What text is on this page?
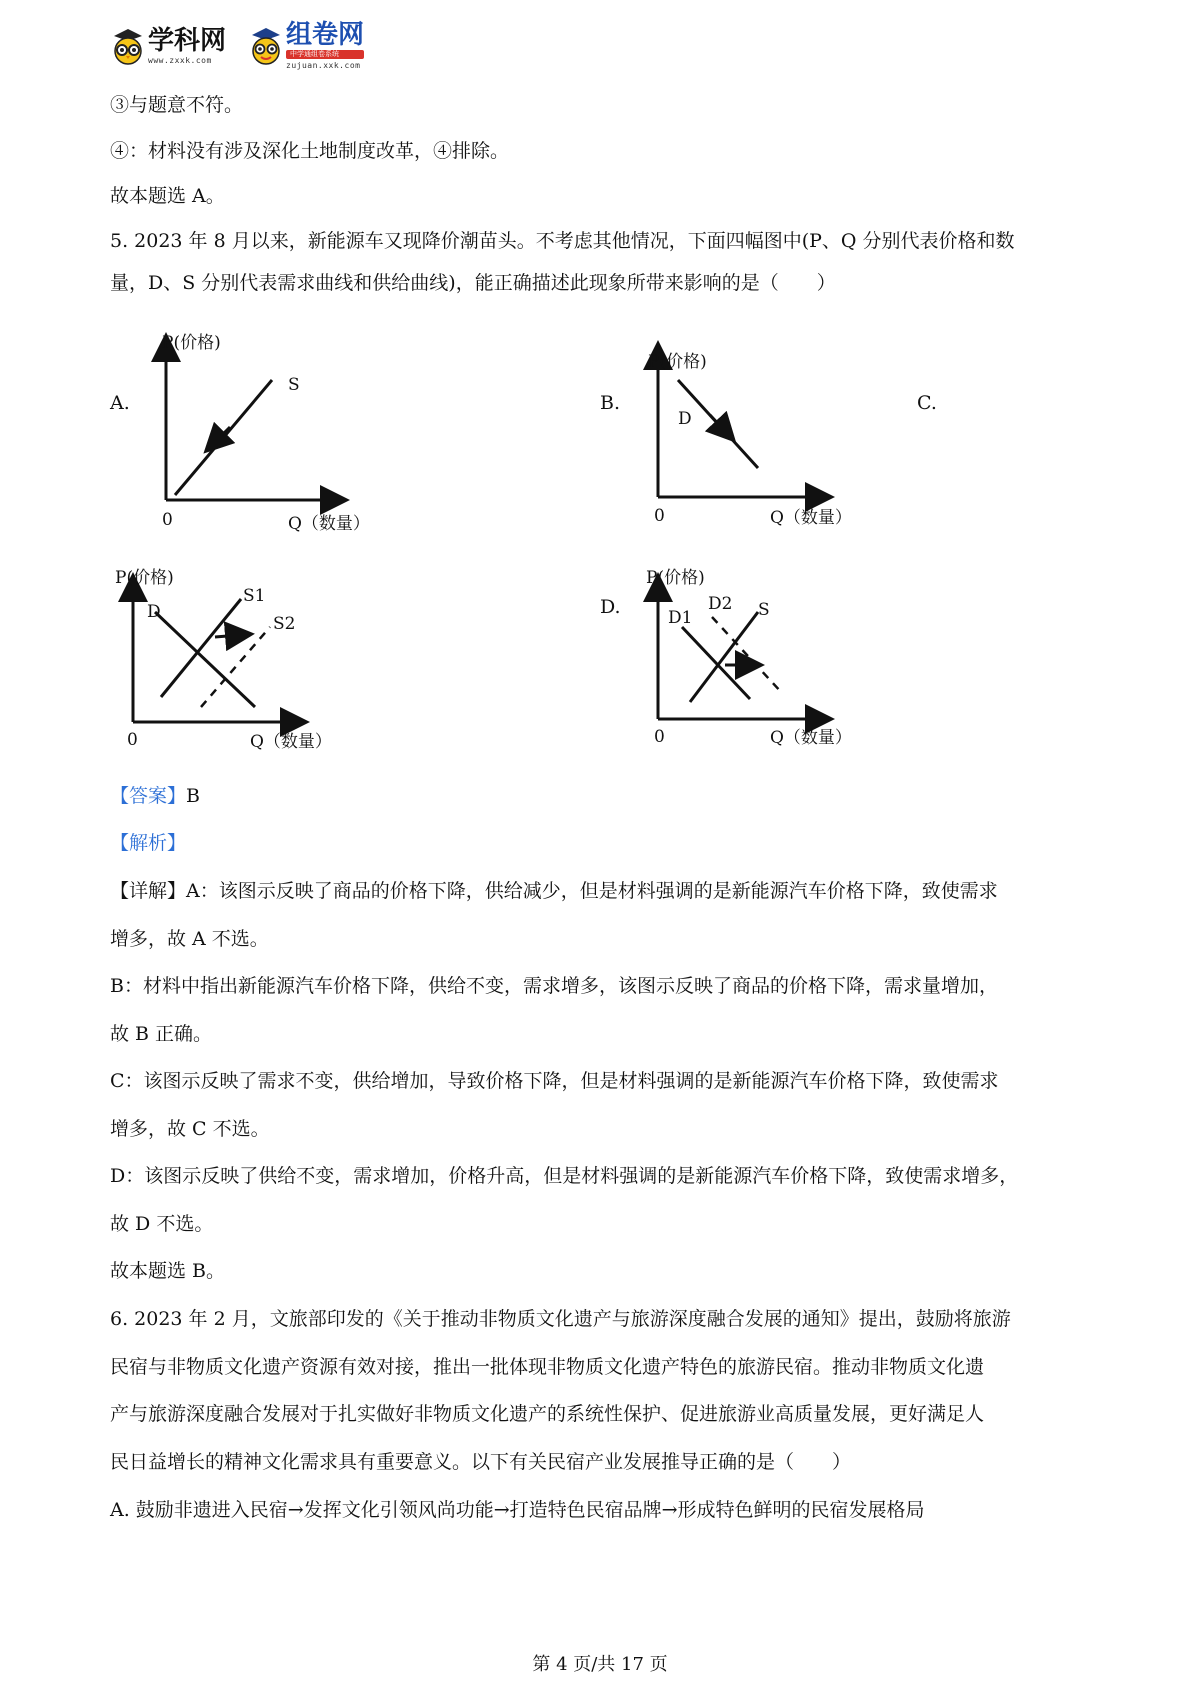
学科网
www.zxxk.com
组卷网
中学通组卷系统
zujuan.xxk.com
③与题意不符。
④：材料没有涉及深化土地制度改革，④排除。
故本题选 A。
5. 2023 年 8 月以来，新能源车又现降价潮苗头。不考虑其他情况，下面四幅图中(P、Q 分别代表价格和数
量，D、S 分别代表需求曲线和供给曲线)，能正确描述此现象所带来影响的是（　　）
A.	B.	C.
D.
P(价格)
S
0	Q（数量）
P(价格)
D
0	Q（数量）
P(价格)
D
S1
S2
0	Q（数量）
P(价格)
D1
D2 S
0	Q（数量）
【答案】B
【解析】
【详解】A：该图示反映了商品的价格下降，供给减少，但是材料强调的是新能源汽车价格下降，致使需求
增多，故 A 不选。
B：材料中指出新能源汽车价格下降，供给不变，需求增多，该图示反映了商品的价格下降，需求量增加，
故 B 正确。
C：该图示反映了需求不变，供给增加，导致价格下降，但是材料强调的是新能源汽车价格下降，致使需求
增多，故 C 不选。
D：该图示反映了供给不变，需求增加，价格升高，但是材料强调的是新能源汽车价格下降，致使需求增多，
故 D 不选。
故本题选 B。
6. 2023 年 2 月，文旅部印发的《关于推动非物质文化遗产与旅游深度融合发展的通知》提出，鼓励将旅游
民宿与非物质文化遗产资源有效对接，推出一批体现非物质文化遗产特色的旅游民宿。推动非物质文化遗
产与旅游深度融合发展对于扎实做好非物质文化遗产的系统性保护、促进旅游业高质量发展，更好满足人
民日益增长的精神文化需求具有重要意义。以下有关民宿产业发展推导正确的是（　　）
A. 鼓励非遗进入民宿→发挥文化引领风尚功能→打造特色民宿品牌→形成特色鲜明的民宿发展格局
第 4 页/共 17 页
